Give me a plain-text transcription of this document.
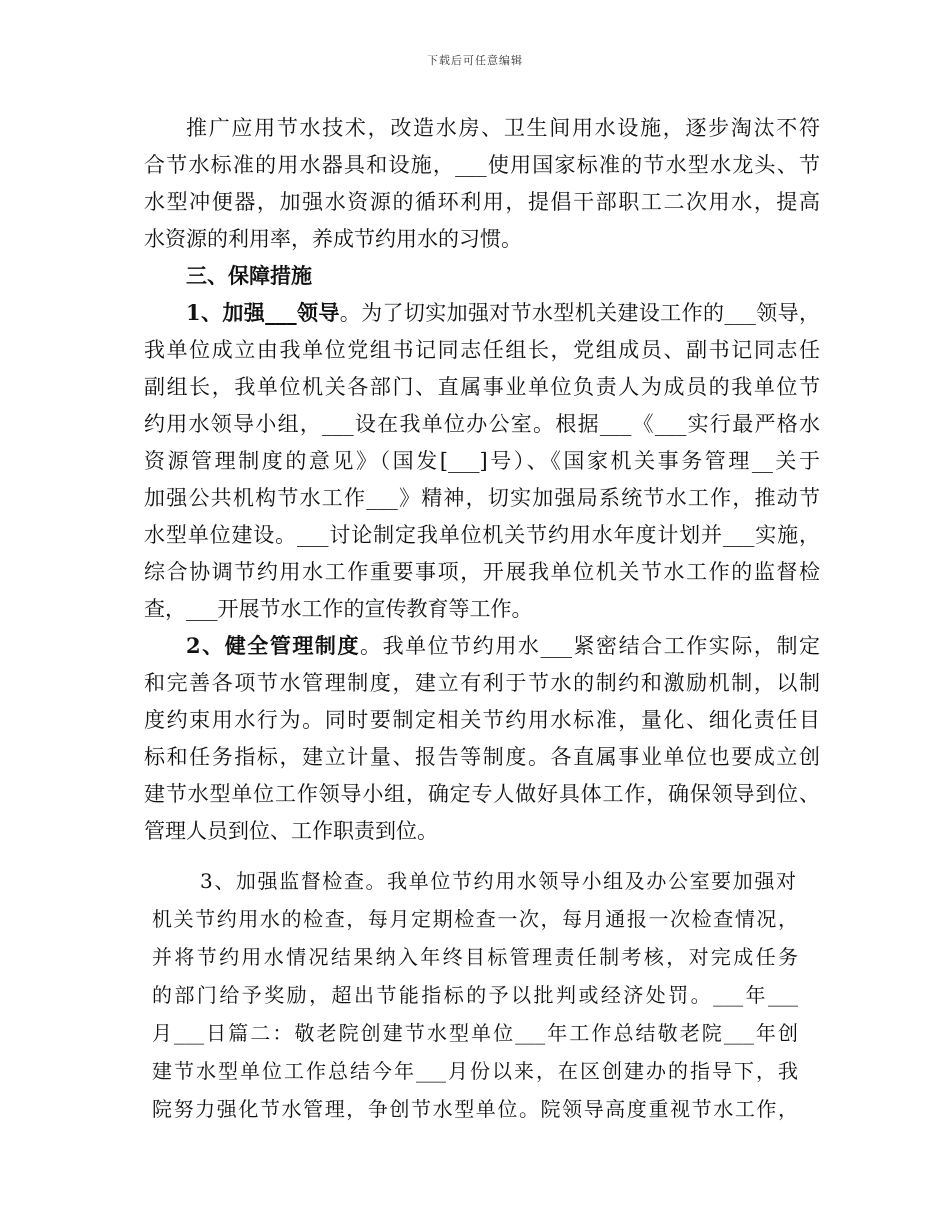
下载后可任意编辑
推广应用节水技术，改造水房、卫生间用水设施，逐步淘汰不符
合节水标准的用水器具和设施，___使用国家标准的节水型水龙头、节
水型冲便器，加强水资源的循环利用，提倡干部职工二次用水，提高
水资源的利用率，养成节约用水的习惯。
三、保障措施
1、加强___领导。为了切实加强对节水型机关建设工作的___领导，
我单位成立由我单位党组书记同志任组长，党组成员、副书记同志任
副组长，我单位机关各部门、直属事业单位负责人为成员的我单位节
约用水领导小组，___设在我单位办公室。根据___《___实行最严格水
资源管理制度的意见》（国发[___]号）、《国家机关事务管理__关于
加强公共机构节水工作___》精神，切实加强局系统节水工作，推动节
水型单位建设。___讨论制定我单位机关节约用水年度计划并___实施，
综合协调节约用水工作重要事项，开展我单位机关节水工作的监督检
查，___开展节水工作的宣传教育等工作。
2、健全管理制度。我单位节约用水___紧密结合工作实际，制定
和完善各项节水管理制度，建立有利于节水的制约和激励机制，以制
度约束用水行为。同时要制定相关节约用水标准，量化、细化责任目
标和任务指标，建立计量、报告等制度。各直属事业单位也要成立创
建节水型单位工作领导小组，确定专人做好具体工作，确保领导到位、
管理人员到位、工作职责到位。
3、加强监督检查。我单位节约用水领导小组及办公室要加强对
机关节约用水的检查，每月定期检查一次，每月通报一次检查情况，
并将节约用水情况结果纳入年终目标管理责任制考核，对完成任务
的部门给予奖励，超出节能指标的予以批判或经济处罚。___年___
月___日篇二：敬老院创建节水型单位___年工作总结敬老院___年创
建节水型单位工作总结今年___月份以来，在区创建办的指导下，我
院努力强化节水管理，争创节水型单位。院领导高度重视节水工作，
